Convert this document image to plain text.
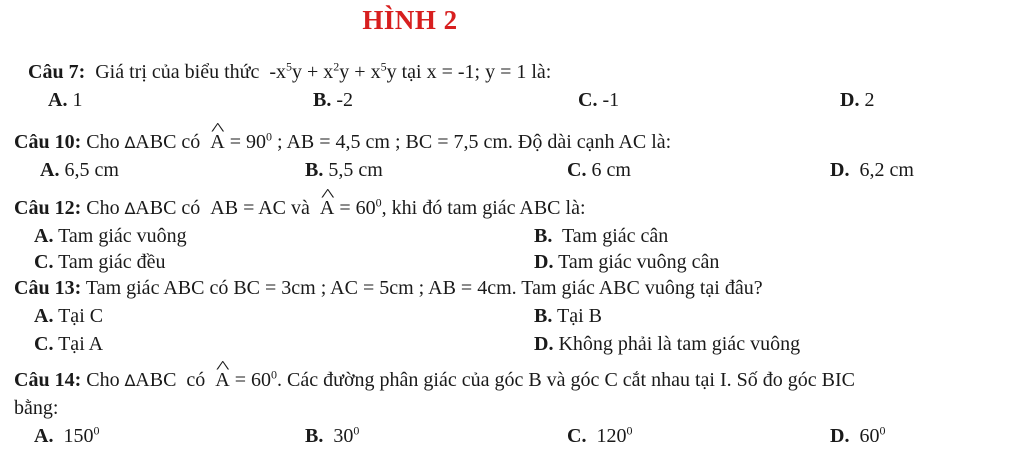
HÌNH 2
Câu 7:  Giá trị của biểu thức  $-x^5y + x^2y + x^5y$ tại x = -1; y = 1 là:
A. 1	B. -2	C. -1	D. 2
Câu 10: Cho ∆ABC có  ^ $A = 90^0$ ; AB = 4,5 cm ; BC = 7,5 cm. Độ dài cạnh AC là:
A. 6,5 cm	B. 5,5 cm	C. 6 cm	D. 6,2 cm
Câu 12: Cho ∆ABC có  AB = AC và  ^ $A = 60^0$, khi đó tam giác ABC là:
A. Tam giác vuông	B. Tam giác cân
C. Tam giác đều	D. Tam giác vuông cân
Câu 13: Tam giác ABC có BC = 3cm ; AC = 5cm ; AB = 4cm. Tam giác ABC vuông tại đâu?
A. Tại C	B. Tại B
C. Tại A	D. Không phải là tam giác vuông
Câu 14: Cho ∆ABC  có  ^ $A = 60^0$. Các đường phân giác của góc B và góc C cắt nhau tại I. Số đo góc BIC
bằng:
A. $150^0$	B. $30^0$	C. $120^0$	D. $60^0$
